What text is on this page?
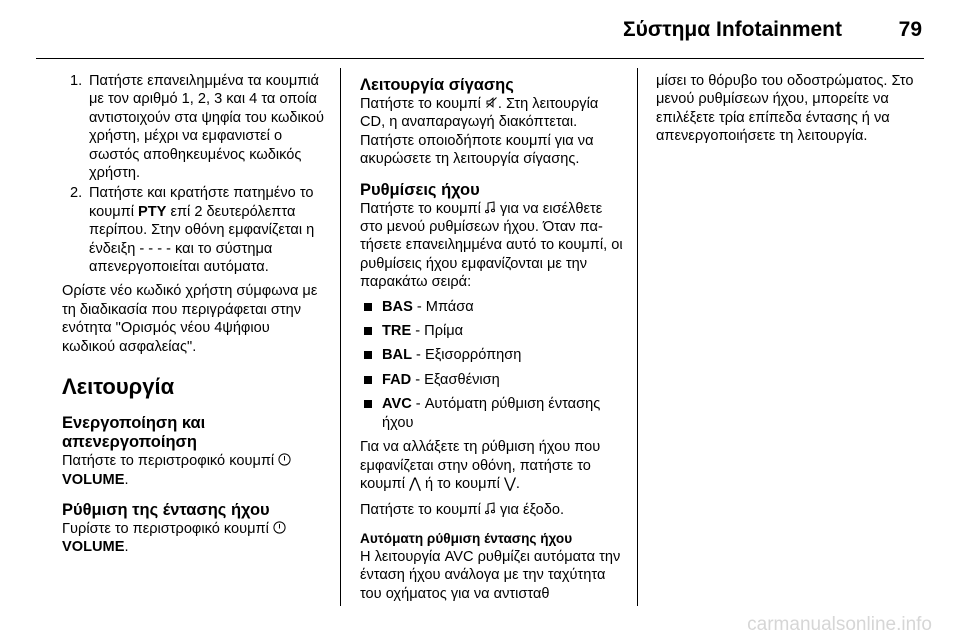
Σύστημα Infotainment	79
1. Πατήστε επανειλημμένα τα κουμπιά με τον αριθμό 1, 2, 3 και 4 τα οποία αντιστοιχούν στα ψηφία του κωδικού χρήστη, μέχρι να εμφανιστεί ο σωστός αποθηκευμένος κωδικός χρήστη.
2. Πατήστε και κρατήστε πατημένο το κουμπί PTY επί 2 δευτερόλεπτα περίπου. Στην οθόνη εμφανίζεται η ένδειξη - - - - και το σύστημα απενεργοποιείται αυτόματα.

Ορίστε νέο κωδικό χρήστη σύμφωνα με τη διαδικασία που περιγράφεται στην ενότητα "Ορισμός νέου 4ψήφιου κωδικού ασφαλείας".

Λειτουργία
Ενεργοποίηση και απενεργοποίηση

Πατήστε το περιστροφικό κουμπί
VOLUME.

Ρύθμιση της έντασης ήχου

Γυρίστε το περιστροφικό κουμπί
VOLUME.

Λειτουργία σίγασης

Πατήστε το κουμπί . Στη λειτουργία CD, η αναπαραγωγή διακόπτεται. Πατήστε οποιοδήποτε κουμπί για να ακυρώσετε τη λειτουργία σίγασης.

Ρυθμίσεις ήχου

Πατήστε το κουμπί  για να εισέλθετε στο μενού ρυθμίσεων ήχου. Όταν πατήσετε επανειλημμένα αυτό το κουμπί, οι ρυθμίσεις ήχου εμφανίζονται με την παρακάτω σειρά:

BAS - Μπάσα
TRE - Πρίμα
BAL - Εξισορρόπηση
FAD - Εξασθένιση
AVC - Αυτόματη ρύθμιση έντασης ήχου

Για να αλλάξετε τη ρύθμιση ήχου που εμφανίζεται στην οθόνη, πατήστε το κουμπί ⋀ ή το κουμπί ⋁.

Πατήστε το κουμπί  για έξοδο.

Αυτόματη ρύθμιση έντασης ήχου

Η λειτουργία AVC ρυθμίζει αυτόματα την ένταση ήχου ανάλογα με την ταχύτητα του οχήματος για να αντισταθ

μίσει το θόρυβο του οδοστρώματος. Στο μενού ρυθμίσεων ήχου, μπορείτε να επιλέξετε τρία επίπεδα έντασης ή να απενεργοποιήσετε τη λειτουργία.

carmanualsonline.info
